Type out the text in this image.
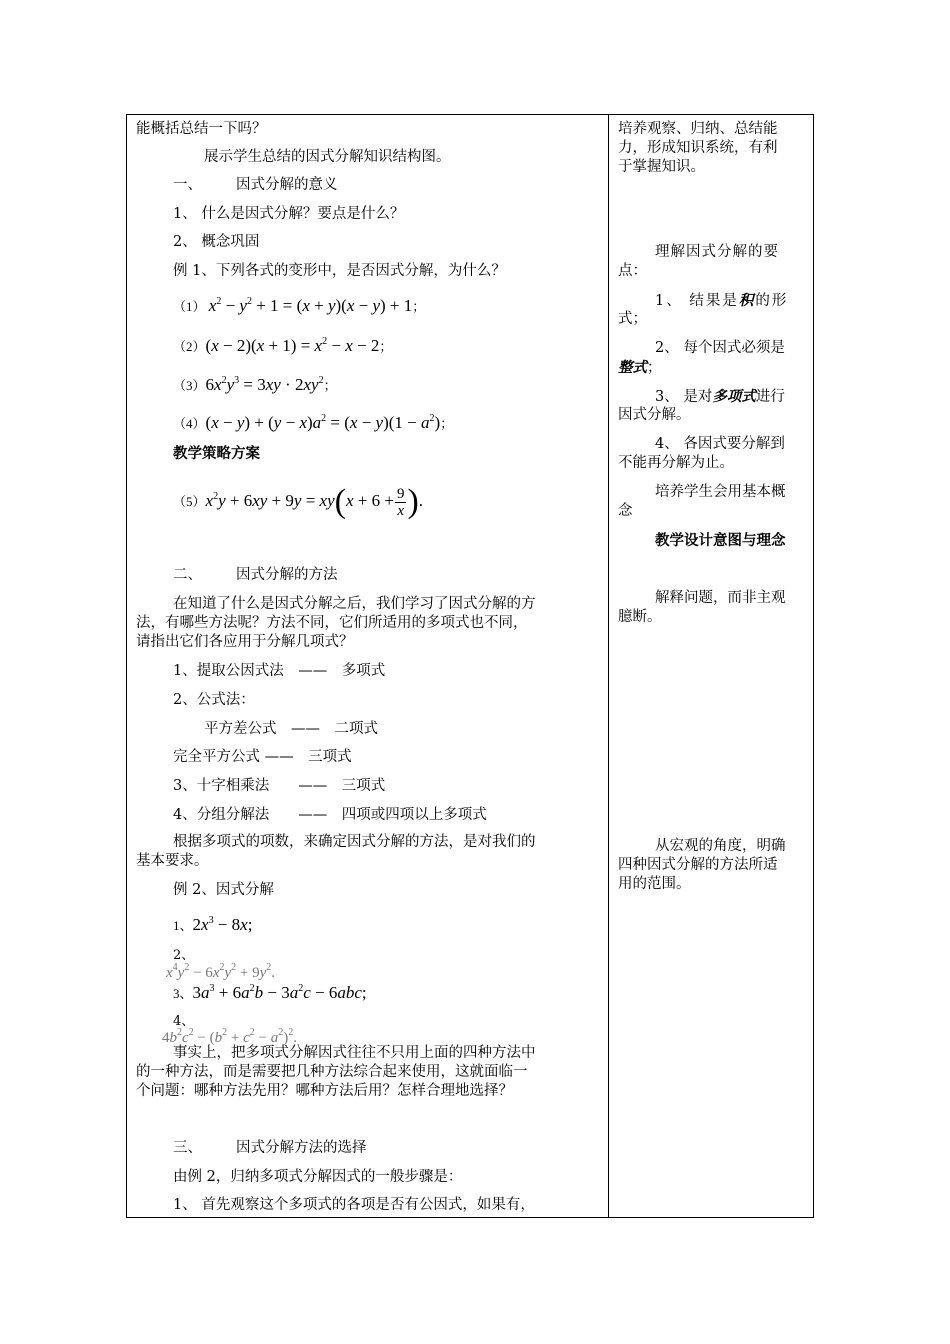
能概括总结一下吗？
展示学生总结的因式分解知识结构图。
一、 因式分解的意义
1、 什么是因式分解？要点是什么？
2、 概念巩固
例 1、下列各式的变形中，是否因式分解，为什么？
（1） $x^2 - y^2 + 1 = (x + y)(x - y) + 1$；
$(2)(x - 2)(x + 1) = x^2 - x - 2$；
$(3)6x^2y^3 = 3xy \cdot 2xy^2$；
$(4)(x - y) + (y - x)a^2 = (x - y)(1 - a^2)$；
教学策略方案
$(5)x^2y + 6xy + 9y = xy(x + 6 + \frac{9}{x}$ ).
二、 因式分解的方法
在知道了什么是因式分解之后，我们学习了因式分解的方
法，有哪些方法呢？方法不同，它们所适用的多项式也不同，
请指出它们各应用于分解几项式？
1、提取公因式法　——　多项式
2、公式法：
平方差公式　——　二项式
完全平方公式 ——　三项式
3、十字相乘法　　——　三项式
4、分组分解法　　——　四项或四项以上多项式
根据多项式的项数，来确定因式分解的方法，是对我们的
基本要求。
例 2、因式分解
1、$2x^3 - 8x$;
2、
$x^4y^2 - 6x^2y^2 + 9y^2$.
3、$3a^3 + 6a^2b - 3a^2c - 6abc$;
4、
$4b^2c^2 - (b^2 + c^2 - a^2)^2$.
事实上，把多项式分解因式往往不只用上面的四种方法中
的一种方法，而是需要把几种方法综合起来使用，这就面临一
个问题：哪种方法先用？哪种方法后用？怎样合理地选择？
三、 因式分解方法的选择
由例 2，归纳多项式分解因式的一般步骤是：
1、 首先观察这个多项式的各项是否有公因式，如果有，
培养观察、归纳、总结能
力，形成知识系统，有利
于掌握知识。
理解因式分解的要
点：
1、 结果是积的形
式；
2、 每个因式必须是
整式；
3、 是对多项式进行
因式分解。
4、 各因式要分解到
不能再分解为止。
培养学生会用基本概
念
教学设计意图与理念
解释问题，而非主观
臆断。
从宏观的角度，明确
四种因式分解的方法所适
用的范围。
